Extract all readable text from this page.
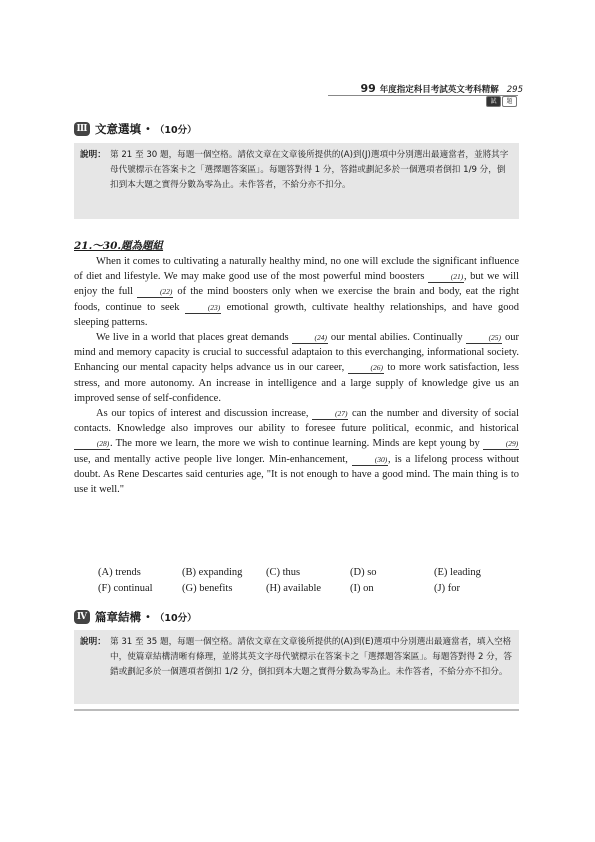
99 年度指定科目考試英文考科精解 295
試	題
Ⅲ 文意選填 • （10分）
說明： 第 21 至 30 題，每題一個空格。請依文章在文章後所提供的(A)到(J)選項中分別選出最適當者，並將其字母代號標示在答案卡之「選擇題答案區」。每題答對得 1 分，答錯或劃記多於一個選項者倒扣 1/9 分，倒扣到本大題之實得分數為零為止。未作答者，不給分亦不扣分。
21.～30.題為題組

When it comes to cultivating a naturally healthy mind, no one will exclude the significant influence of diet and lifestyle. We may make good use of the most powerful mind boosters	(21), but we will enjoy the full	(22) of the mind boosters only when we exercise the brain and body, eat the right foods, continue to seek	(23) emotional growth, cultivate healthy relationships, and have good sleeping patterns.

We live in a world that places great demands	(24) our mental abilies. Continually	(25) our mind and memory capacity is crucial to successful adaptaion to this everchanging, informational society. Enhancing our mental capacity helps advance us in our career,	(26) to more work satisfaction, less stress, and more autonomy. An increase in intelligence and a large supply of knowledge give us an improved sense of self-confidence.

As our topics of interest and discussion increase,	(27) can the number and diversity of social contacts. Knowledge also improves our ability to foresee future political, econmic, and historical (28). The more we learn, the more we wish to continue learning. Minds are kept young by	(29) use, and mentally active people live longer. Min-enhancement,	(30), is a lifelong process without doubt. As Rene Descartes said centuries age, "It is not enough to have a good mind. The main thing is to use it well."

(A) trends	(B) expanding	(C) thus	(D) so	(E) leading
(F) continual	(G) benefits	(H) available	(I) on	(J) for
Ⅳ 篇章結構 • （10分）
說明： 第 31 至 35 題，每題一個空格。請依文章在文章後所提供的(A)到(E)選項中分別選出最適當者，填入空格中，使篇章結構清晰有條理，並將其英文字母代號標示在答案卡之「選擇題答案區」。每題答對得 2 分，答錯或劃記多於一個選項者倒扣 1/2 分，倒扣到本大題之實得分數為零為止。未作答者，不給分亦不扣分。
